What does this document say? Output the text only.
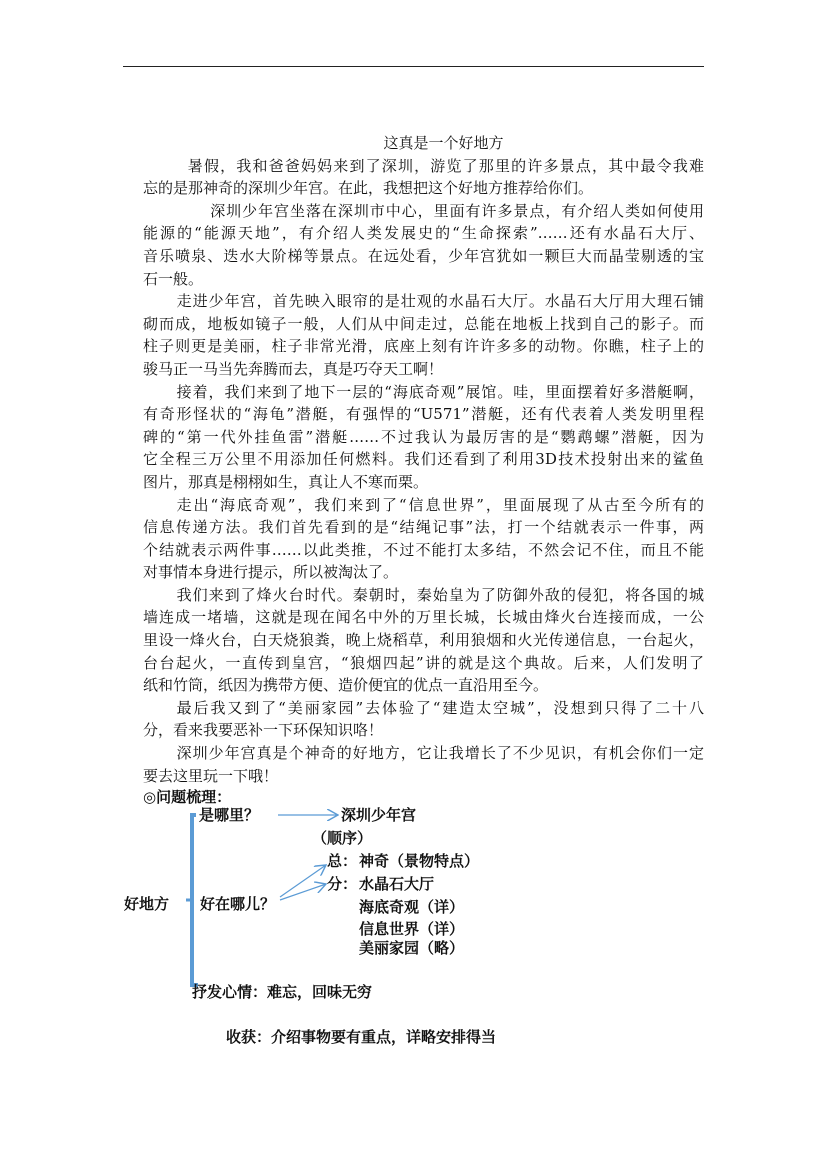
这真是一个好地方
暑假，我和爸爸妈妈来到了深圳，游览了那里的许多景点，其中最令我难
忘的是那神奇的深圳少年宫。在此，我想把这个好地方推荐给你们。
深圳少年宫坐落在深圳市中心，里面有许多景点，有介绍人类如何使用
能源的“能源天地”，有介绍人类发展史的“生命探索”……还有水晶石大厅、
音乐喷泉、迭水大阶梯等景点。在远处看，少年宫犹如一颗巨大而晶莹剔透的宝
石一般。
走进少年宫，首先映入眼帘的是壮观的水晶石大厅。水晶石大厅用大理石铺
砌而成，地板如镜子一般，人们从中间走过，总能在地板上找到自己的影子。而
柱子则更是美丽，柱子非常光滑，底座上刻有许许多多的动物。你瞧，柱子上的
骏马正一马当先奔腾而去，真是巧夺天工啊！
接着，我们来到了地下一层的“海底奇观”展馆。哇，里面摆着好多潜艇啊，
有奇形怪状的“海龟”潜艇，有强悍的“U571”潜艇，还有代表着人类发明里程
碑的“第一代外挂鱼雷”潜艇……不过我认为最厉害的是“鹦鹉螺”潜艇，因为
它全程三万公里不用添加任何燃料。我们还看到了利用3D技术投射出来的鲨鱼
图片，那真是栩栩如生，真让人不寒而栗。
走出“海底奇观”，我们来到了“信息世界”，里面展现了从古至今所有的
信息传递方法。我们首先看到的是“结绳记事”法，打一个结就表示一件事，两
个结就表示两件事……以此类推，不过不能打太多结，不然会记不住，而且不能
对事情本身进行提示，所以被淘汰了。
我们来到了烽火台时代。秦朝时，秦始皇为了防御外敌的侵犯，将各国的城
墙连成一堵墙，这就是现在闻名中外的万里长城，长城由烽火台连接而成，一公
里设一烽火台，白天烧狼粪，晚上烧稻草，利用狼烟和火光传递信息，一台起火，
台台起火，一直传到皇宫，“狼烟四起”讲的就是这个典故。后来，人们发明了
纸和竹筒，纸因为携带方便、造价便宜的优点一直沿用至今。
最后我又到了“美丽家园”去体验了“建造太空城”，没想到只得了二十八
分，看来我要恶补一下环保知识咯！
深圳少年宫真是个神奇的好地方，它让我增长了不少见识，有机会你们一定
要去这里玩一下哦！
◎问题梳理：
好地方
是哪里？	深圳少年宫
（顺序）
好在哪儿？
总： 神奇（景物特点）
分： 水晶石大厅
海底奇观（详）
信息世界（详）
美丽家园（略）
抒发心情：难忘，回味无穷
收获：介绍事物要有重点，详略安排得当
